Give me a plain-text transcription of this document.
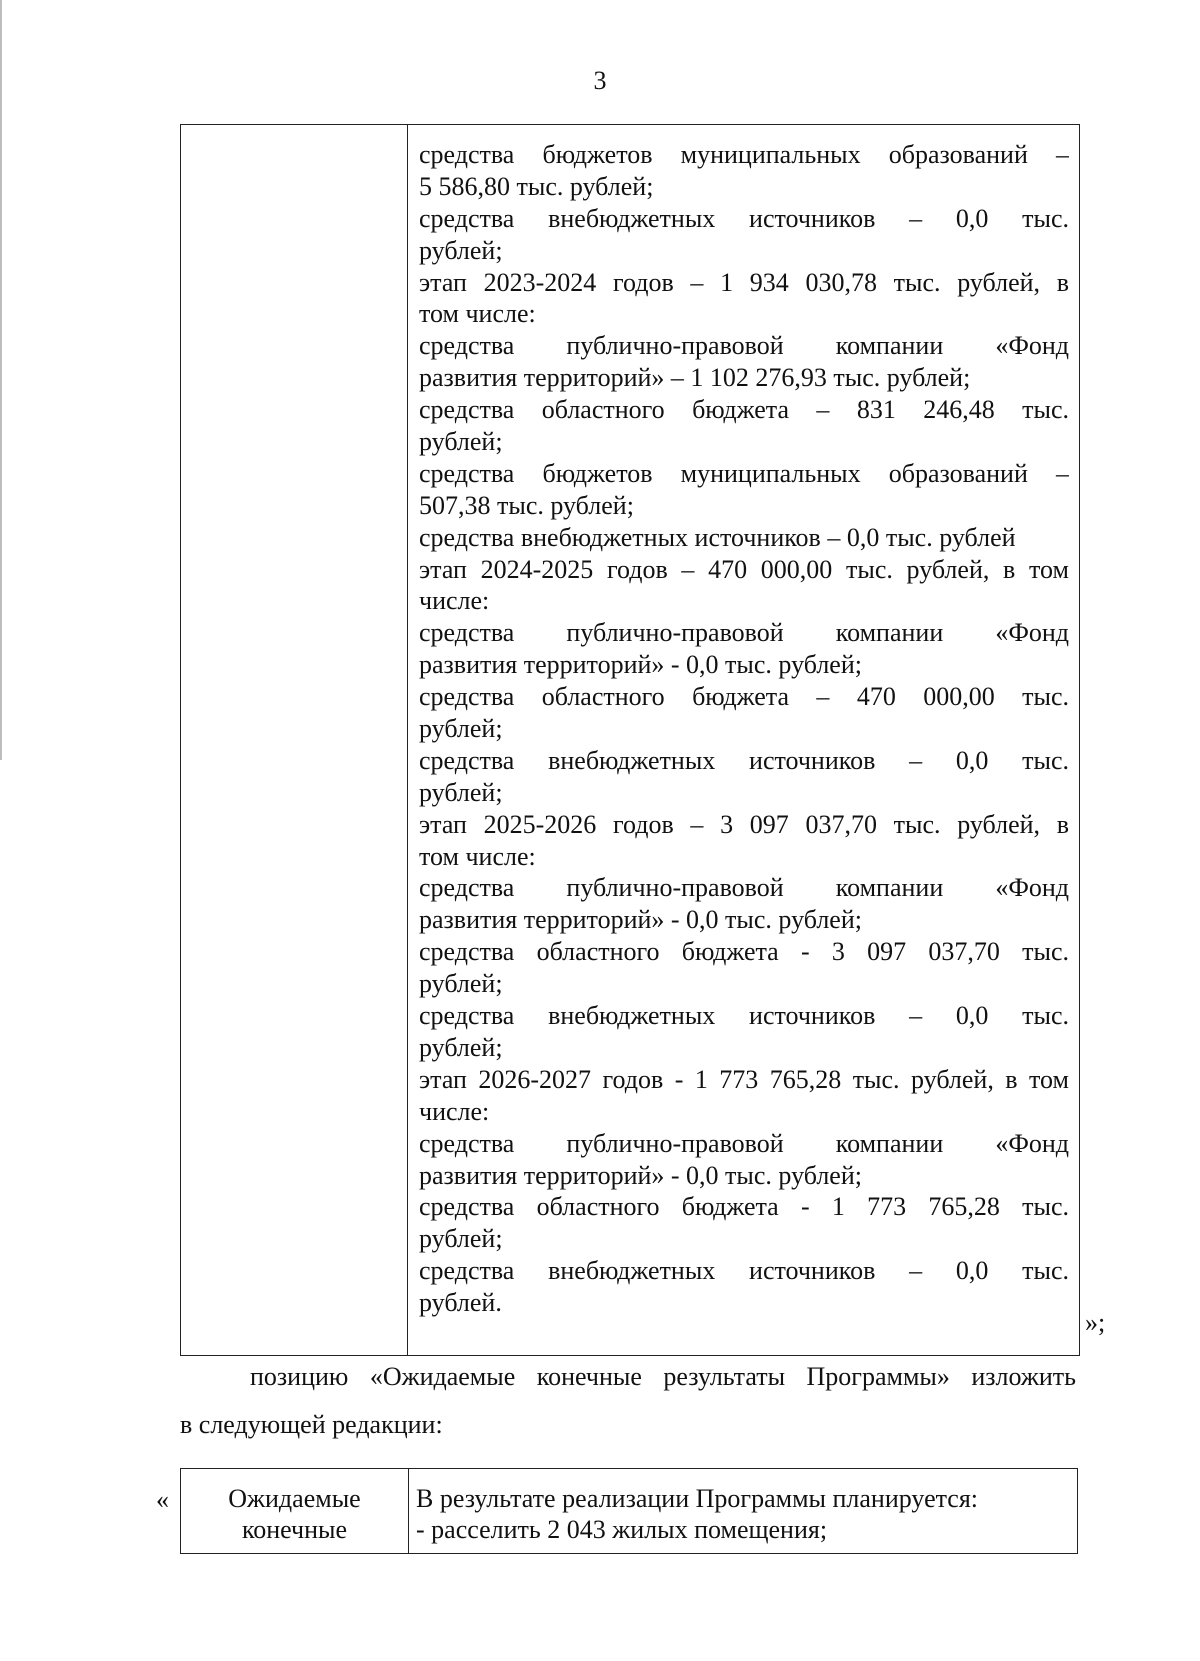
3
средства бюджетов муниципальных образований –
5 586,80 тыс. рублей;
средства внебюджетных источников – 0,0 тыс.
рублей;
этап 2023-2024 годов – 1 934 030,78 тыс. рублей, в
том числе:
средства публично-правовой компании «Фонд
развития территорий» – 1 102 276,93 тыс. рублей;
средства областного бюджета – 831 246,48 тыс.
рублей;
средства бюджетов муниципальных образований –
507,38 тыс. рублей;
средства внебюджетных источников – 0,0 тыс. рублей
этап 2024-2025 годов – 470 000,00 тыс. рублей, в том
числе:
средства публично-правовой компании «Фонд
развития территорий» - 0,0 тыс. рублей;
средства областного бюджета – 470 000,00 тыс.
рублей;
средства внебюджетных источников – 0,0 тыс.
рублей;
этап 2025-2026 годов – 3 097 037,70 тыс. рублей, в
том числе:
средства публично-правовой компании «Фонд
развития территорий» - 0,0 тыс. рублей;
средства областного бюджета - 3 097 037,70 тыс.
рублей;
средства внебюджетных источников – 0,0 тыс.
рублей;
этап 2026-2027 годов - 1 773 765,28 тыс. рублей, в том
числе:
средства публично-правовой компании «Фонд
развития территорий» - 0,0 тыс. рублей;
средства областного бюджета - 1 773 765,28 тыс.
рублей;
средства внебюджетных источников – 0,0 тыс.
рублей.
»;
позицию «Ожидаемые конечные результаты Программы» изложить
в следующей редакции:
«	Ожидаемые
конечные
В результате реализации Программы планируется:
- расселить 2 043 жилых помещения;
